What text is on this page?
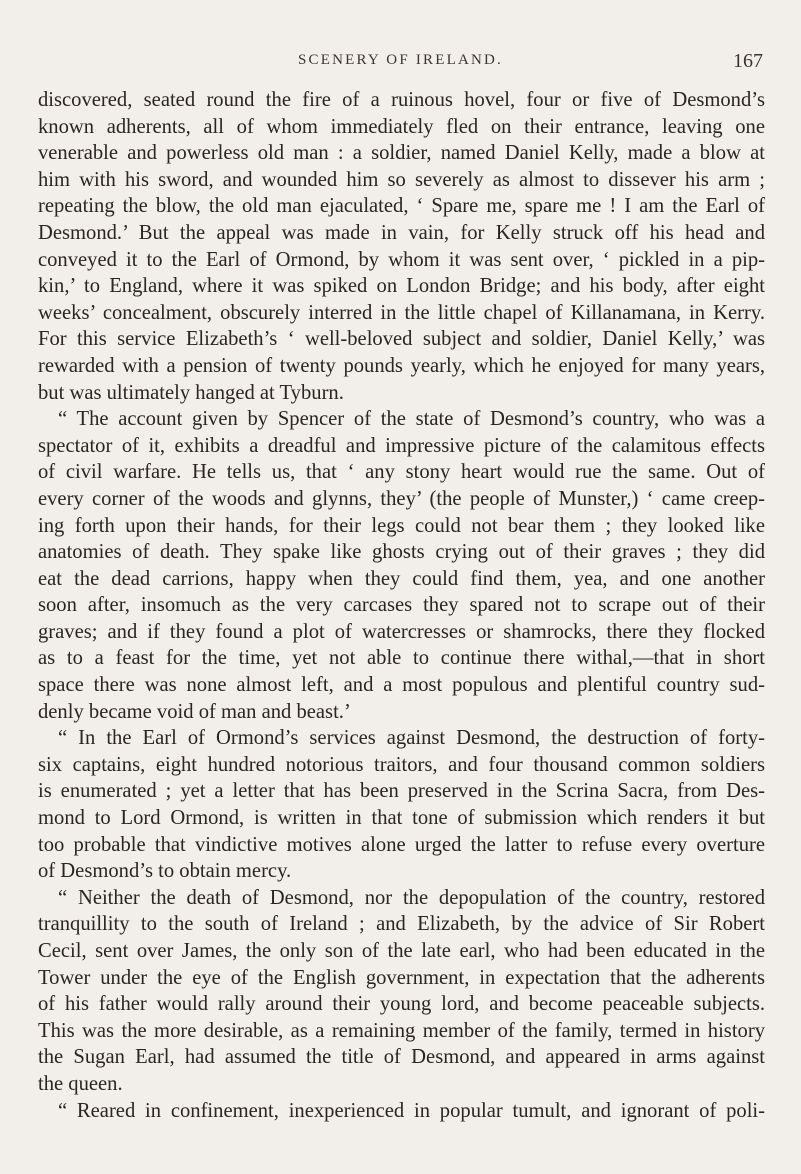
SCENERY OF IRELAND.	167
discovered, seated round the fire of a ruinous hovel, four or five of Desmond’s
known adherents, all of whom immediately fled on their entrance, leaving one
venerable and powerless old man : a soldier, named Daniel Kelly, made a blow at
him with his sword, and wounded him so severely as almost to dissever his arm ;
repeating the blow, the old man ejaculated, ‘ Spare me, spare me ! I am the Earl of
Desmond.’ But the appeal was made in vain, for Kelly struck off his head and
conveyed it to the Earl of Ormond, by whom it was sent over, ‘ pickled in a pip-
kin,’ to England, where it was spiked on London Bridge; and his body, after eight
weeks’ concealment, obscurely interred in the little chapel of Killanamana, in Kerry.
For this service Elizabeth’s ‘ well-beloved subject and soldier, Daniel Kelly,’ was
rewarded with a pension of twenty pounds yearly, which he enjoyed for many years,
but was ultimately hanged at Tyburn.
“ The account given by Spencer of the state of Desmond’s country, who was a
spectator of it, exhibits a dreadful and impressive picture of the calamitous effects
of civil warfare. He tells us, that ‘ any stony heart would rue the same. Out of
every corner of the woods and glynns, they’ (the people of Munster,) ‘ came creep-
ing forth upon their hands, for their legs could not bear them ; they looked like
anatomies of death. They spake like ghosts crying out of their graves ; they did
eat the dead carrions, happy when they could find them, yea, and one another
soon after, insomuch as the very carcases they spared not to scrape out of their
graves; and if they found a plot of watercresses or shamrocks, there they flocked
as to a feast for the time, yet not able to continue there withal,—that in short
space there was none almost left, and a most populous and plentiful country sud-
denly became void of man and beast.’
“ In the Earl of Ormond’s services against Desmond, the destruction of forty-
six captains, eight hundred notorious traitors, and four thousand common soldiers
is enumerated ; yet a letter that has been preserved in the Scrina Sacra, from Des-
mond to Lord Ormond, is written in that tone of submission which renders it but
too probable that vindictive motives alone urged the latter to refuse every overture
of Desmond’s to obtain mercy.
“ Neither the death of Desmond, nor the depopulation of the country, restored
tranquillity to the south of Ireland ; and Elizabeth, by the advice of Sir Robert
Cecil, sent over James, the only son of the late earl, who had been educated in the
Tower under the eye of the English government, in expectation that the adherents
of his father would rally around their young lord, and become peaceable subjects.
This was the more desirable, as a remaining member of the family, termed in history
the Sugan Earl, had assumed the title of Desmond, and appeared in arms against
the queen.
“ Reared in confinement, inexperienced in popular tumult, and ignorant of poli-
